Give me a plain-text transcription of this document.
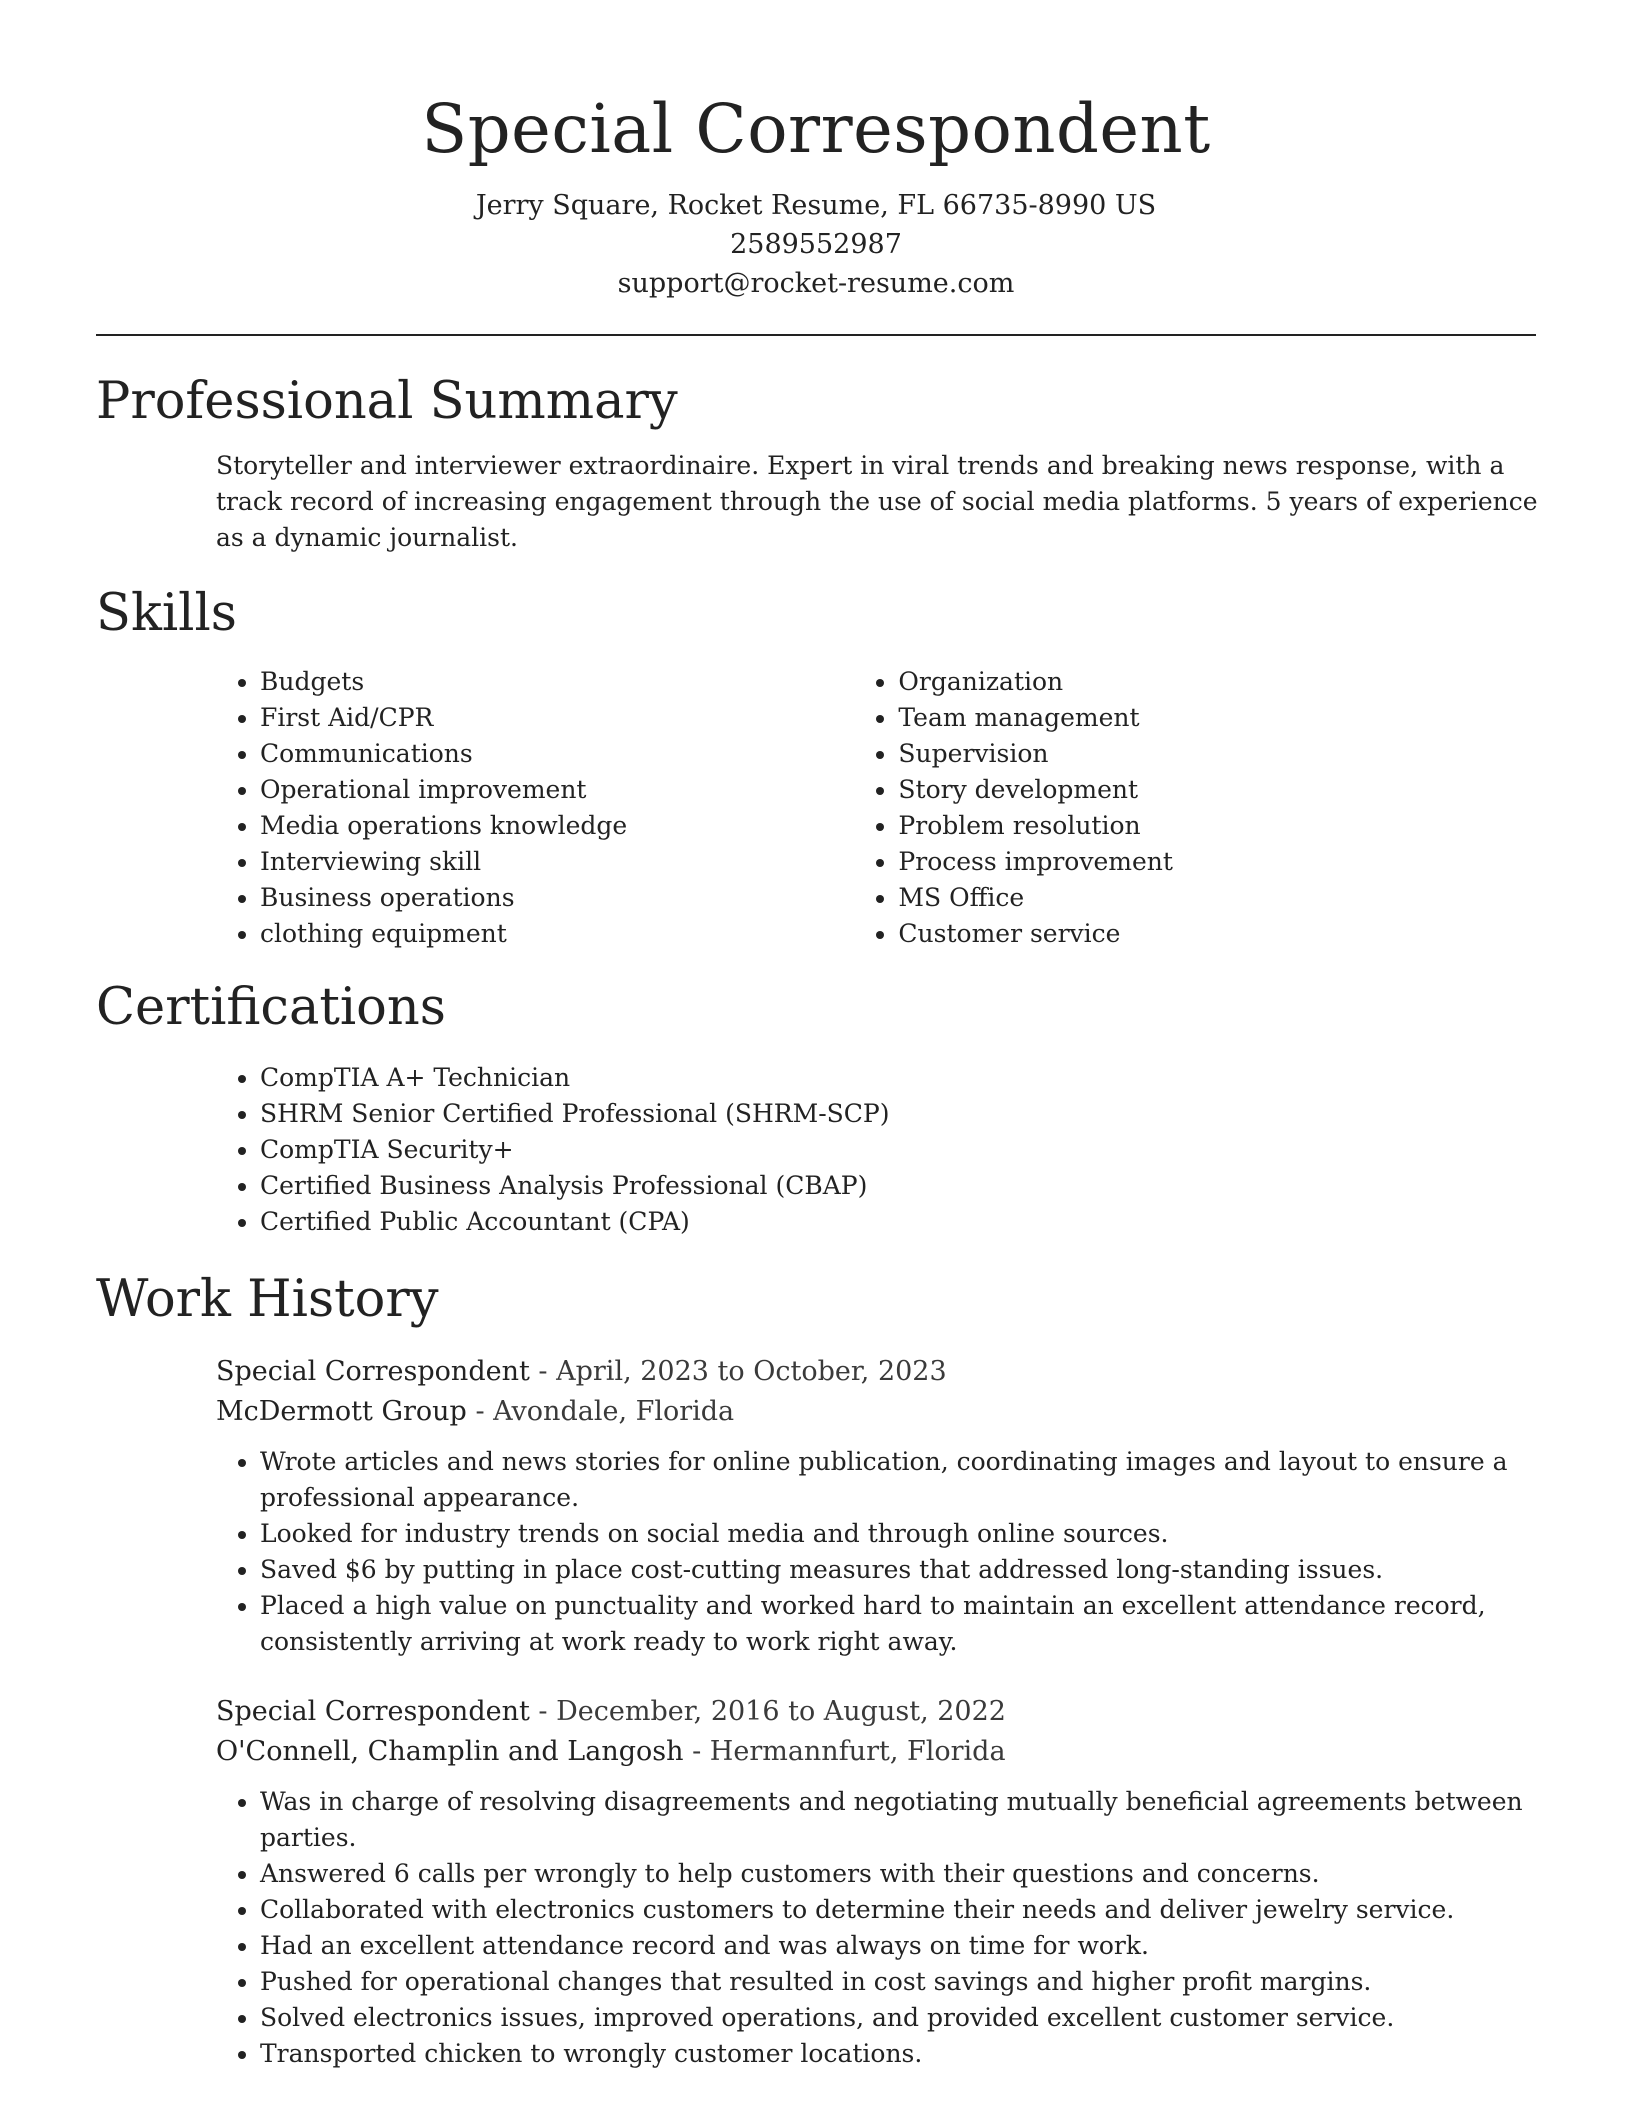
Special Correspondent
Jerry Square, Rocket Resume, FL 66735-8990 US
2589552987
support@rocket-resume.com
Professional Summary

Storyteller and interviewer extraordinaire. Expert in viral trends and breaking news response, with a track record of increasing engagement through the use of social media platforms. 5 years of experience as a dynamic journalist.

Skills
• Budgets
• First Aid/CPR
• Communications
• Operational improvement
• Media operations knowledge
• Interviewing skill
• Business operations
• clothing equipment
• Organization
• Team management
• Supervision
• Story development
• Problem resolution
• Process improvement
• MS Office
• Customer service
Certifications
• CompTIA A+ Technician
• SHRM Senior Certified Professional (SHRM-SCP)
• CompTIA Security+
• Certified Business Analysis Professional (CBAP)
• Certified Public Accountant (CPA)
Work History
Special Correspondent - April, 2023 to October, 2023
McDermott Group - Avondale, Florida
• Wrote articles and news stories for online publication, coordinating images and layout to ensure a professional appearance.
• Looked for industry trends on social media and through online sources.
• Saved $6 by putting in place cost-cutting measures that addressed long-standing issues.
• Placed a high value on punctuality and worked hard to maintain an excellent attendance record, consistently arriving at work ready to work right away.
Special Correspondent - December, 2016 to August, 2022
O'Connell, Champlin and Langosh - Hermannfurt, Florida
• Was in charge of resolving disagreements and negotiating mutually beneficial agreements between parties.
• Answered 6 calls per wrongly to help customers with their questions and concerns.
• Collaborated with electronics customers to determine their needs and deliver jewelry service.
• Had an excellent attendance record and was always on time for work.
• Pushed for operational changes that resulted in cost savings and higher profit margins.
• Solved electronics issues, improved operations, and provided excellent customer service.
• Transported chicken to wrongly customer locations.
